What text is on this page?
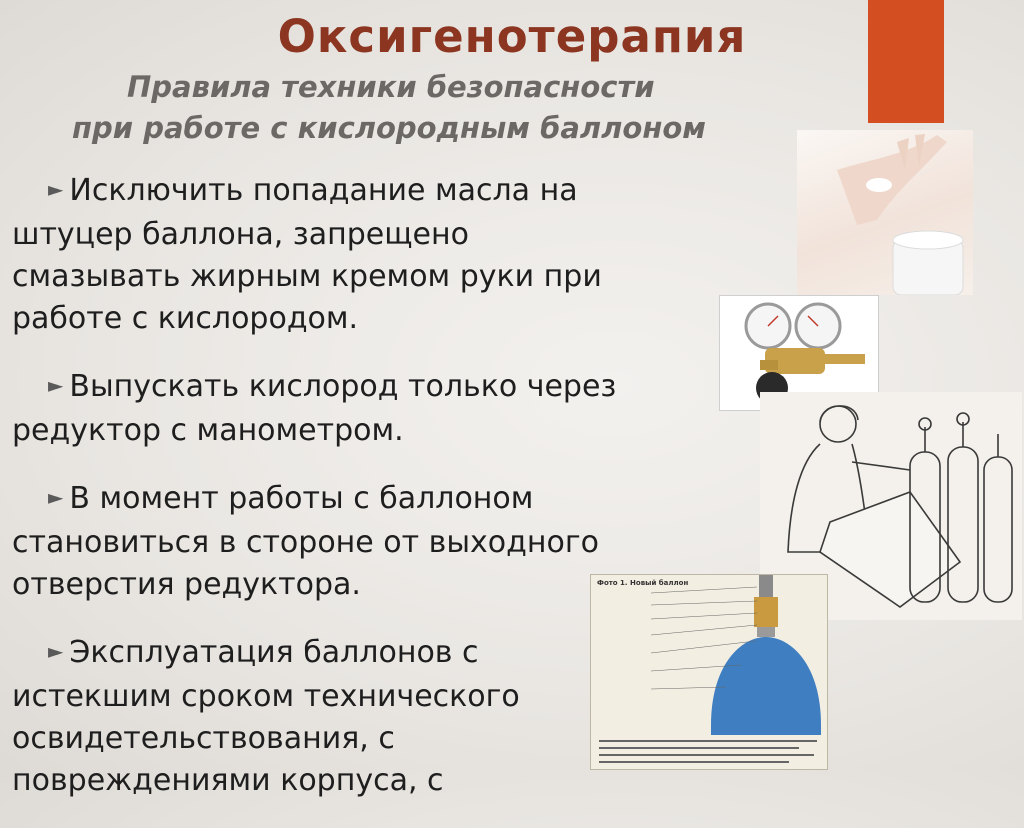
Оксигенотерапия
Правила техники безопасности
при работе с кислородным баллоном
► Исключить попадание масла на
штуцер баллона, запрещено
смазывать жирным кремом руки при
работе с кислородом.
► Выпускать кислород только через
редуктор с манометром.
► В момент работы с баллоном
становиться в стороне от выходного
отверстия редуктора.
► Эксплуатация баллонов с
истекшим сроком технического
освидетельствования, с
повреждениями корпуса, с
Фото 1. Новый баллон
